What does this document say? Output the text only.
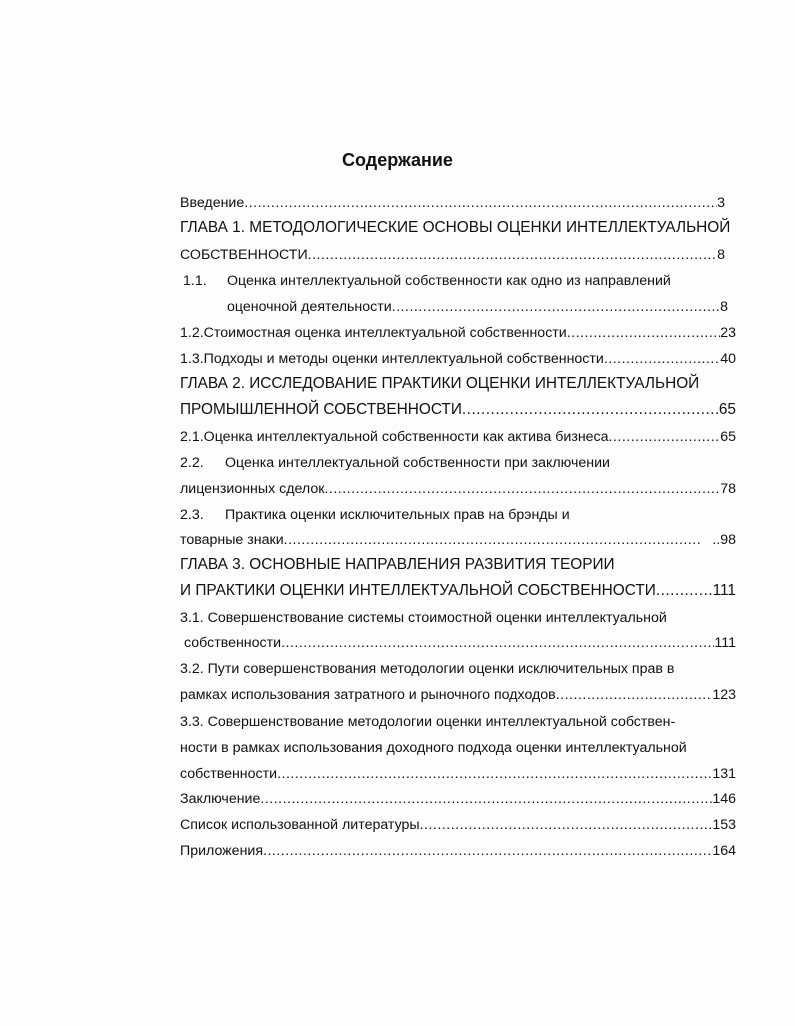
Содержание
Введение .....	3
ГЛАВА 1. МЕТОДОЛОГИЧЕСКИЕ ОСНОВЫ ОЦЕНКИ ИНТЕЛЛЕКТУАЛЬНОЙ
СОБСТВЕННОСТИ .....	8
1.1.	Оценка интеллектуальной собственности как одно из направлений
оценочной деятельности .....	8
1.2. Стоимостная оценка интеллектуальной собственности .....	23
1.3. Подходы и методы оценки интеллектуальной собственности .....	40
ГЛАВА 2. ИССЛЕДОВАНИЕ ПРАКТИКИ ОЦЕНКИ ИНТЕЛЛЕКТУАЛЬНОЙ
ПРОМЫШЛЕННОЙ СОБСТВЕННОСТИ .....	65
2.1. Оценка интеллектуальной собственности как актива бизнеса .....	65
2.2.	Оценка интеллектуальной собственности при заключении
лицензионных сделок .....	78
2.3.	Практика оценки исключительных прав на брэнды и
товарные знаки .....	..98
ГЛАВА 3. ОСНОВНЫЕ НАПРАВЛЕНИЯ РАЗВИТИЯ ТЕОРИИ
И ПРАКТИКИ ОЦЕНКИ ИНТЕЛЛЕКТУАЛЬНОЙ СОБСТВЕННОСТИ .....	111
3.1. Совершенствование системы стоимостной оценки интеллектуальной
собственности .....	111
3.2. Пути совершенствования методологии оценки исключительных прав в
рамках использования затратного и рыночного подходов .....	123
3.3. Совершенствование методологии оценки интеллектуальной собствен-
ности в рамках использования доходного подхода оценки интеллектуальной
собственности .....	131
Заключение .....	146
Список использованной литературы .....	153
Приложения .....	164
